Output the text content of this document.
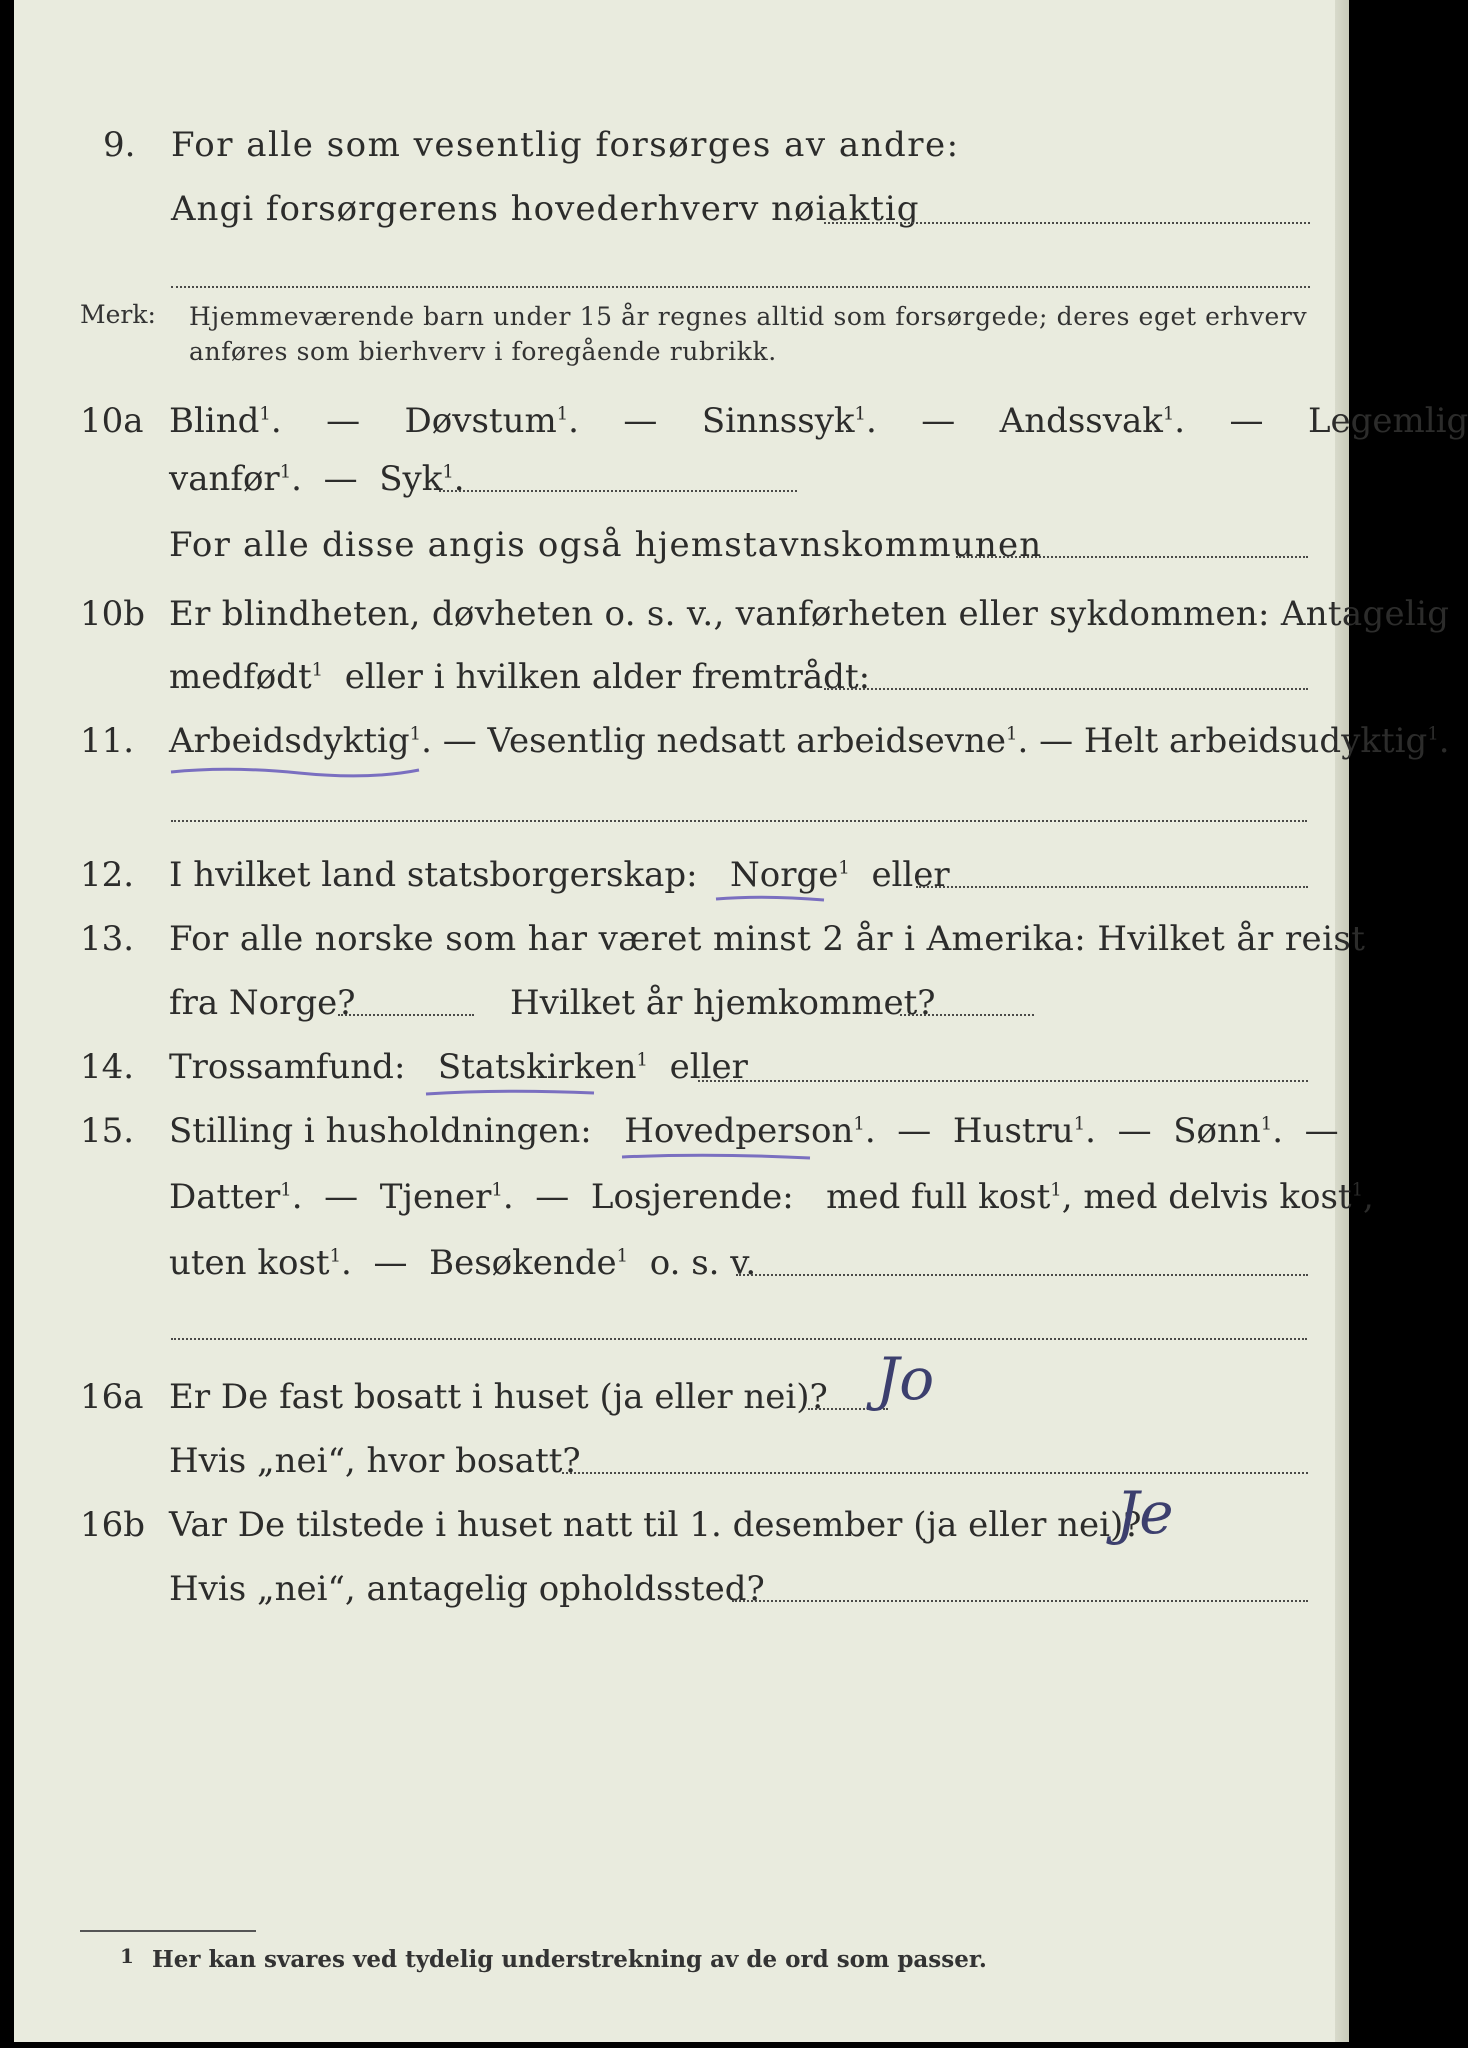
9. For alle som vesentlig forsørges av andre:
Angi forsørgerens hovederhverv nøiaktig
Merk: Hjemmeværende barn under 15 år regnes alltid som forsørgede; deres eget erhverv
anføres som bierhverv i foregående rubrikk.
10a Blind$^1$.   — Døvstum$^1$.   — Sinnssyk$^1$.   — Andssvak$^1$.   — Legemlig
vanfør$^1$.  — Syk$^1$.
For alle disse angis også hjemstavnskommunen
10b Er blindheten, døvheten o. s. v., vanførheten eller sykdommen: Antagelig
medfødt$^1$ eller i hvilken alder fremtrådt:
11. Arbeidsdyktig$^1$. — Vesentlig nedsatt arbeidsevne$^1$. — Helt arbeidsudyktig$^1$.
12. I hvilket land statsborgerskap: Norge$^1$ eller
13. For alle norske som har været minst 2 år i Amerika: Hvilket år reist
fra Norge?	Hvilket år hjemkommet?
14. Trossamfund: Statskirken$^1$ eller
15. Stilling i husholdningen: Hovedperson$^1$.  — Hustru$^1$.  — Sønn$^1$.  —
Datter$^1$.  — Tjener$^1$.  — Losjerende: med full kost$^1$, med delvis kost$^1$,
uten kost$^1$.  — Besøkende$^1$ o. s. v.
16a Er De fast bosatt i huset (ja eller nei)? Jo
Hvis „nei“, hvor bosatt?
16b Var De tilstede i huset natt til 1. desember (ja eller nei)?
Je
Hvis „nei“, antagelig opholdssted?
1 Her kan svares ved tydelig understrekning av de ord som passer.
